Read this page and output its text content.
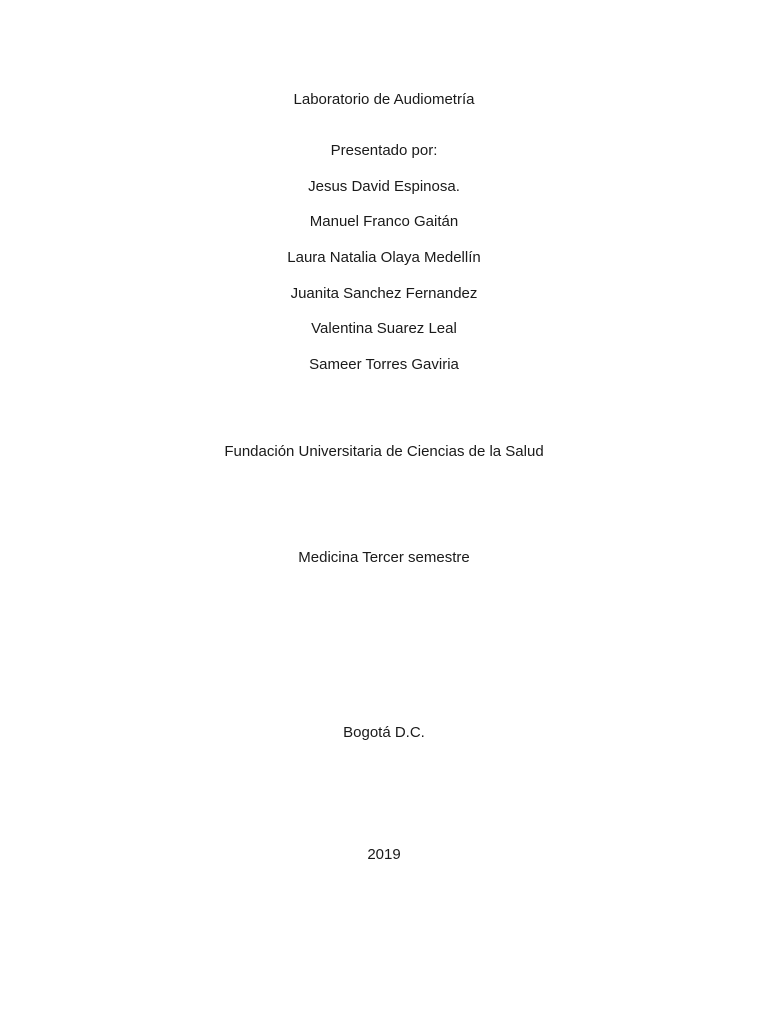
Laboratorio de Audiometría
Presentado por:
Jesus David Espinosa.
Manuel Franco Gaitán
Laura Natalia Olaya Medellín
Juanita Sanchez Fernandez
Valentina Suarez Leal
Sameer Torres Gaviria
Fundación Universitaria de Ciencias de la Salud
Medicina Tercer semestre
Bogotá D.C.
2019
